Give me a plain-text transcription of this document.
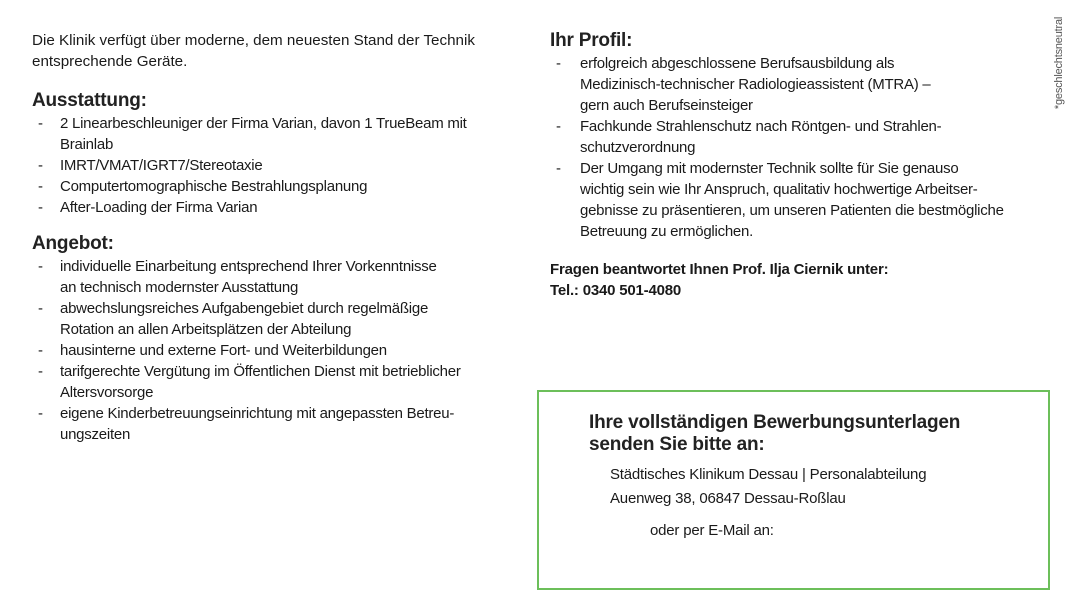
Die Klinik verfügt über moderne, dem neuesten Stand der Technik
entsprechende Geräte.

Ausstattung:
- 2 Linearbeschleuniger der Firma Varian, davon 1 TrueBeam mit
Brainlab
- IMRT/VMAT/IGRT7/Stereotaxie
- Computertomographische Bestrahlungsplanung
- After-Loading der Firma Varian
Angebot:
- individuelle Einarbeitung entsprechend Ihrer Vorkenntnisse
an technisch modernster Ausstattung
- abwechslungsreiches Aufgabengebiet durch regelmäßige
Rotation an allen Arbeitsplätzen der Abteilung
- hausinterne und externe Fort- und Weiterbildungen
- tarifgerechte Vergütung im Öffentlichen Dienst mit betrieblicher
Altersvorsorge
- eigene Kinderbetreuungseinrichtung mit angepassten Betreu-
ungszeiten
Ihr Profil:
- erfolgreich abgeschlossene Berufsausbildung als
Medizinisch-technischer Radiologieassistent (MTRA) –
gern auch Berufseinsteiger
- Fachkunde Strahlenschutz nach Röntgen- und Strahlen-
schutzverordnung
- Der Umgang mit modernster Technik sollte für Sie genauso
wichtig sein wie Ihr Anspruch, qualitativ hochwertige Arbeitser-
gebnisse zu präsentieren, um unseren Patienten die bestmögliche
Betreuung zu ermöglichen.
Fragen beantwortet Ihnen Prof. Ilja Ciernik unter:
Tel.: 0340 501-4080
Ihre vollständigen Bewerbungsunterlagen
senden Sie bitte an:
Städtisches Klinikum Dessau | Personalabteilung
Auenweg 38, 06847 Dessau-Roßlau
oder per E-Mail an:
*geschlechtsneutral
